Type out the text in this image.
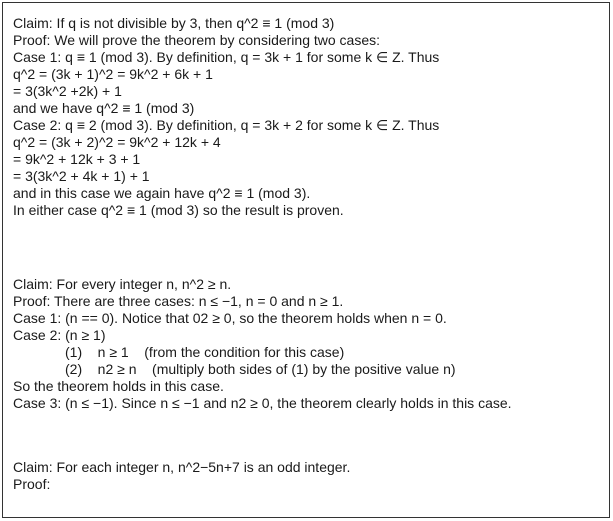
Claim: If q is not divisible by 3, then q^2 ≡ 1 (mod 3)
Proof: We will prove the theorem by considering two cases:
Case 1: q ≡ 1 (mod 3). By definition, q = 3k + 1 for some k ∈ Z. Thus
q^2 = (3k + 1)^2 = 9k^2 + 6k + 1
= 3(3k^2 +2k) + 1
and we have q^2 ≡ 1 (mod 3)
Case 2: q ≡ 2 (mod 3). By definition, q = 3k + 2 for some k ∈ Z. Thus
q^2 = (3k + 2)^2 = 9k^2 + 12k + 4
= 9k^2 + 12k + 3 + 1
= 3(3k^2 + 4k + 1) + 1
and in this case we again have q^2 ≡ 1 (mod 3).
In either case q^2 ≡ 1 (mod 3) so the result is proven.
Claim: For every integer n, n^2 ≥ n.
Proof: There are three cases: n ≤ −1, n = 0 and n ≥ 1.
Case 1: (n == 0). Notice that 02 ≥ 0, so the theorem holds when n = 0.
Case 2: (n ≥ 1)
(1)    n ≥ 1    (from the condition for this case)
(2)    n2 ≥ n    (multiply both sides of (1) by the positive value n)
So the theorem holds in this case.
Case 3: (n ≤ −1). Since n ≤ −1 and n2 ≥ 0, the theorem clearly holds in this case.
Claim: For each integer n, n^2−5n+7 is an odd integer.
Proof:
